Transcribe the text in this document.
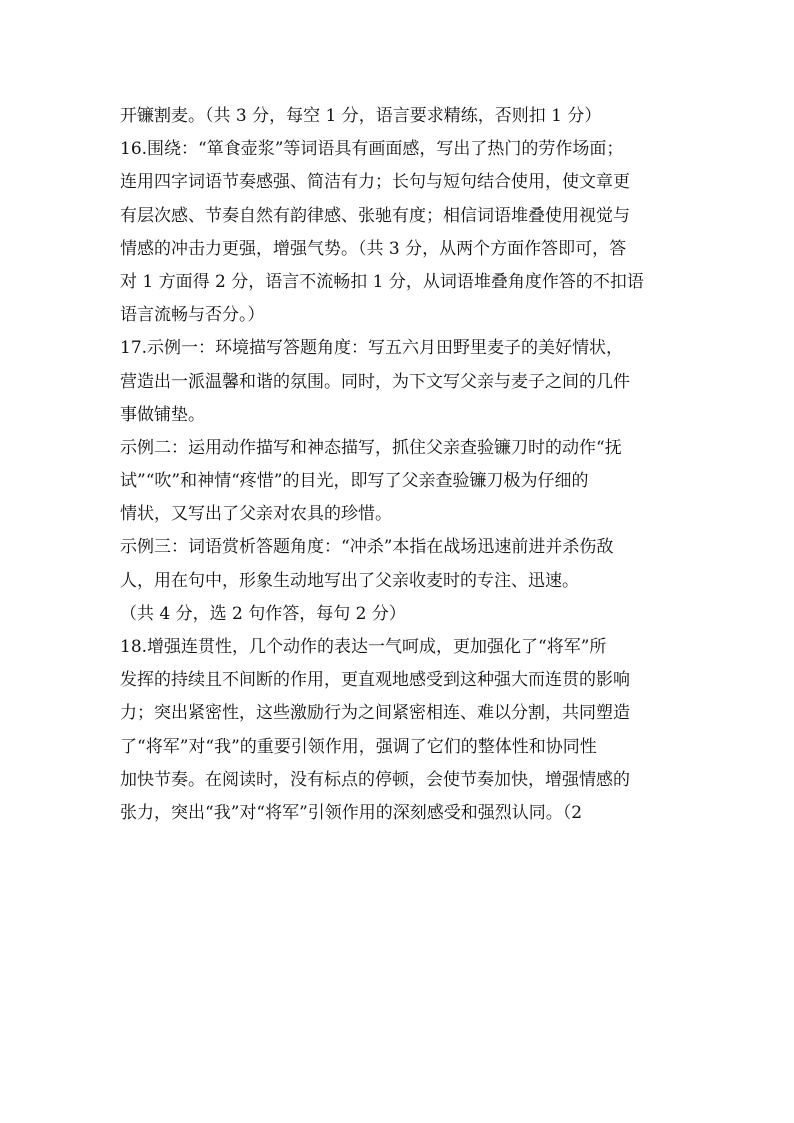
开镰割麦。（共 3 分，每空 1 分，语言要求精练，否则扣 1 分）
16.围绕：“箪食壶浆”等词语具有画面感，写出了热门的劳作场面；
连用四字词语节奏感强、简洁有力；长句与短句结合使用，使文章更
有层次感、节奏自然有韵律感、张驰有度；相信词语堆叠使用视觉与
情感的冲击力更强，增强气势。（共 3 分，从两个方面作答即可，答
对 1 方面得 2 分，语言不流畅扣 1 分，从词语堆叠角度作答的不扣语
语言流畅与否分。）
17.示例一：环境描写答题角度：写五六月田野里麦子的美好情状，
营造出一派温馨和谐的氛围。同时，为下文写父亲与麦子之间的几件
事做铺垫。
示例二：运用动作描写和神态描写，抓住父亲查验镰刀时的动作“抚
试”“吹”和神情“疼惜”的目光，即写了父亲查验镰刀极为仔细的
情状，又写出了父亲对农具的珍惜。
示例三：词语赏析答题角度：“冲杀”本指在战场迅速前进并杀伤敌
人，用在句中，形象生动地写出了父亲收麦时的专注、迅速。
（共 4 分，选 2 句作答，每句 2 分）
18.增强连贯性，几个动作的表达一气呵成，更加强化了“将军”所
发挥的持续且不间断的作用，更直观地感受到这种强大而连贯的影响
力；突出紧密性，这些激励行为之间紧密相连、难以分割，共同塑造
了“将军”对“我”的重要引领作用，强调了它们的整体性和协同性
加快节奏。在阅读时，没有标点的停顿，会使节奏加快，增强情感的
张力，突出“我”对“将军”引领作用的深刻感受和强烈认同。（2
